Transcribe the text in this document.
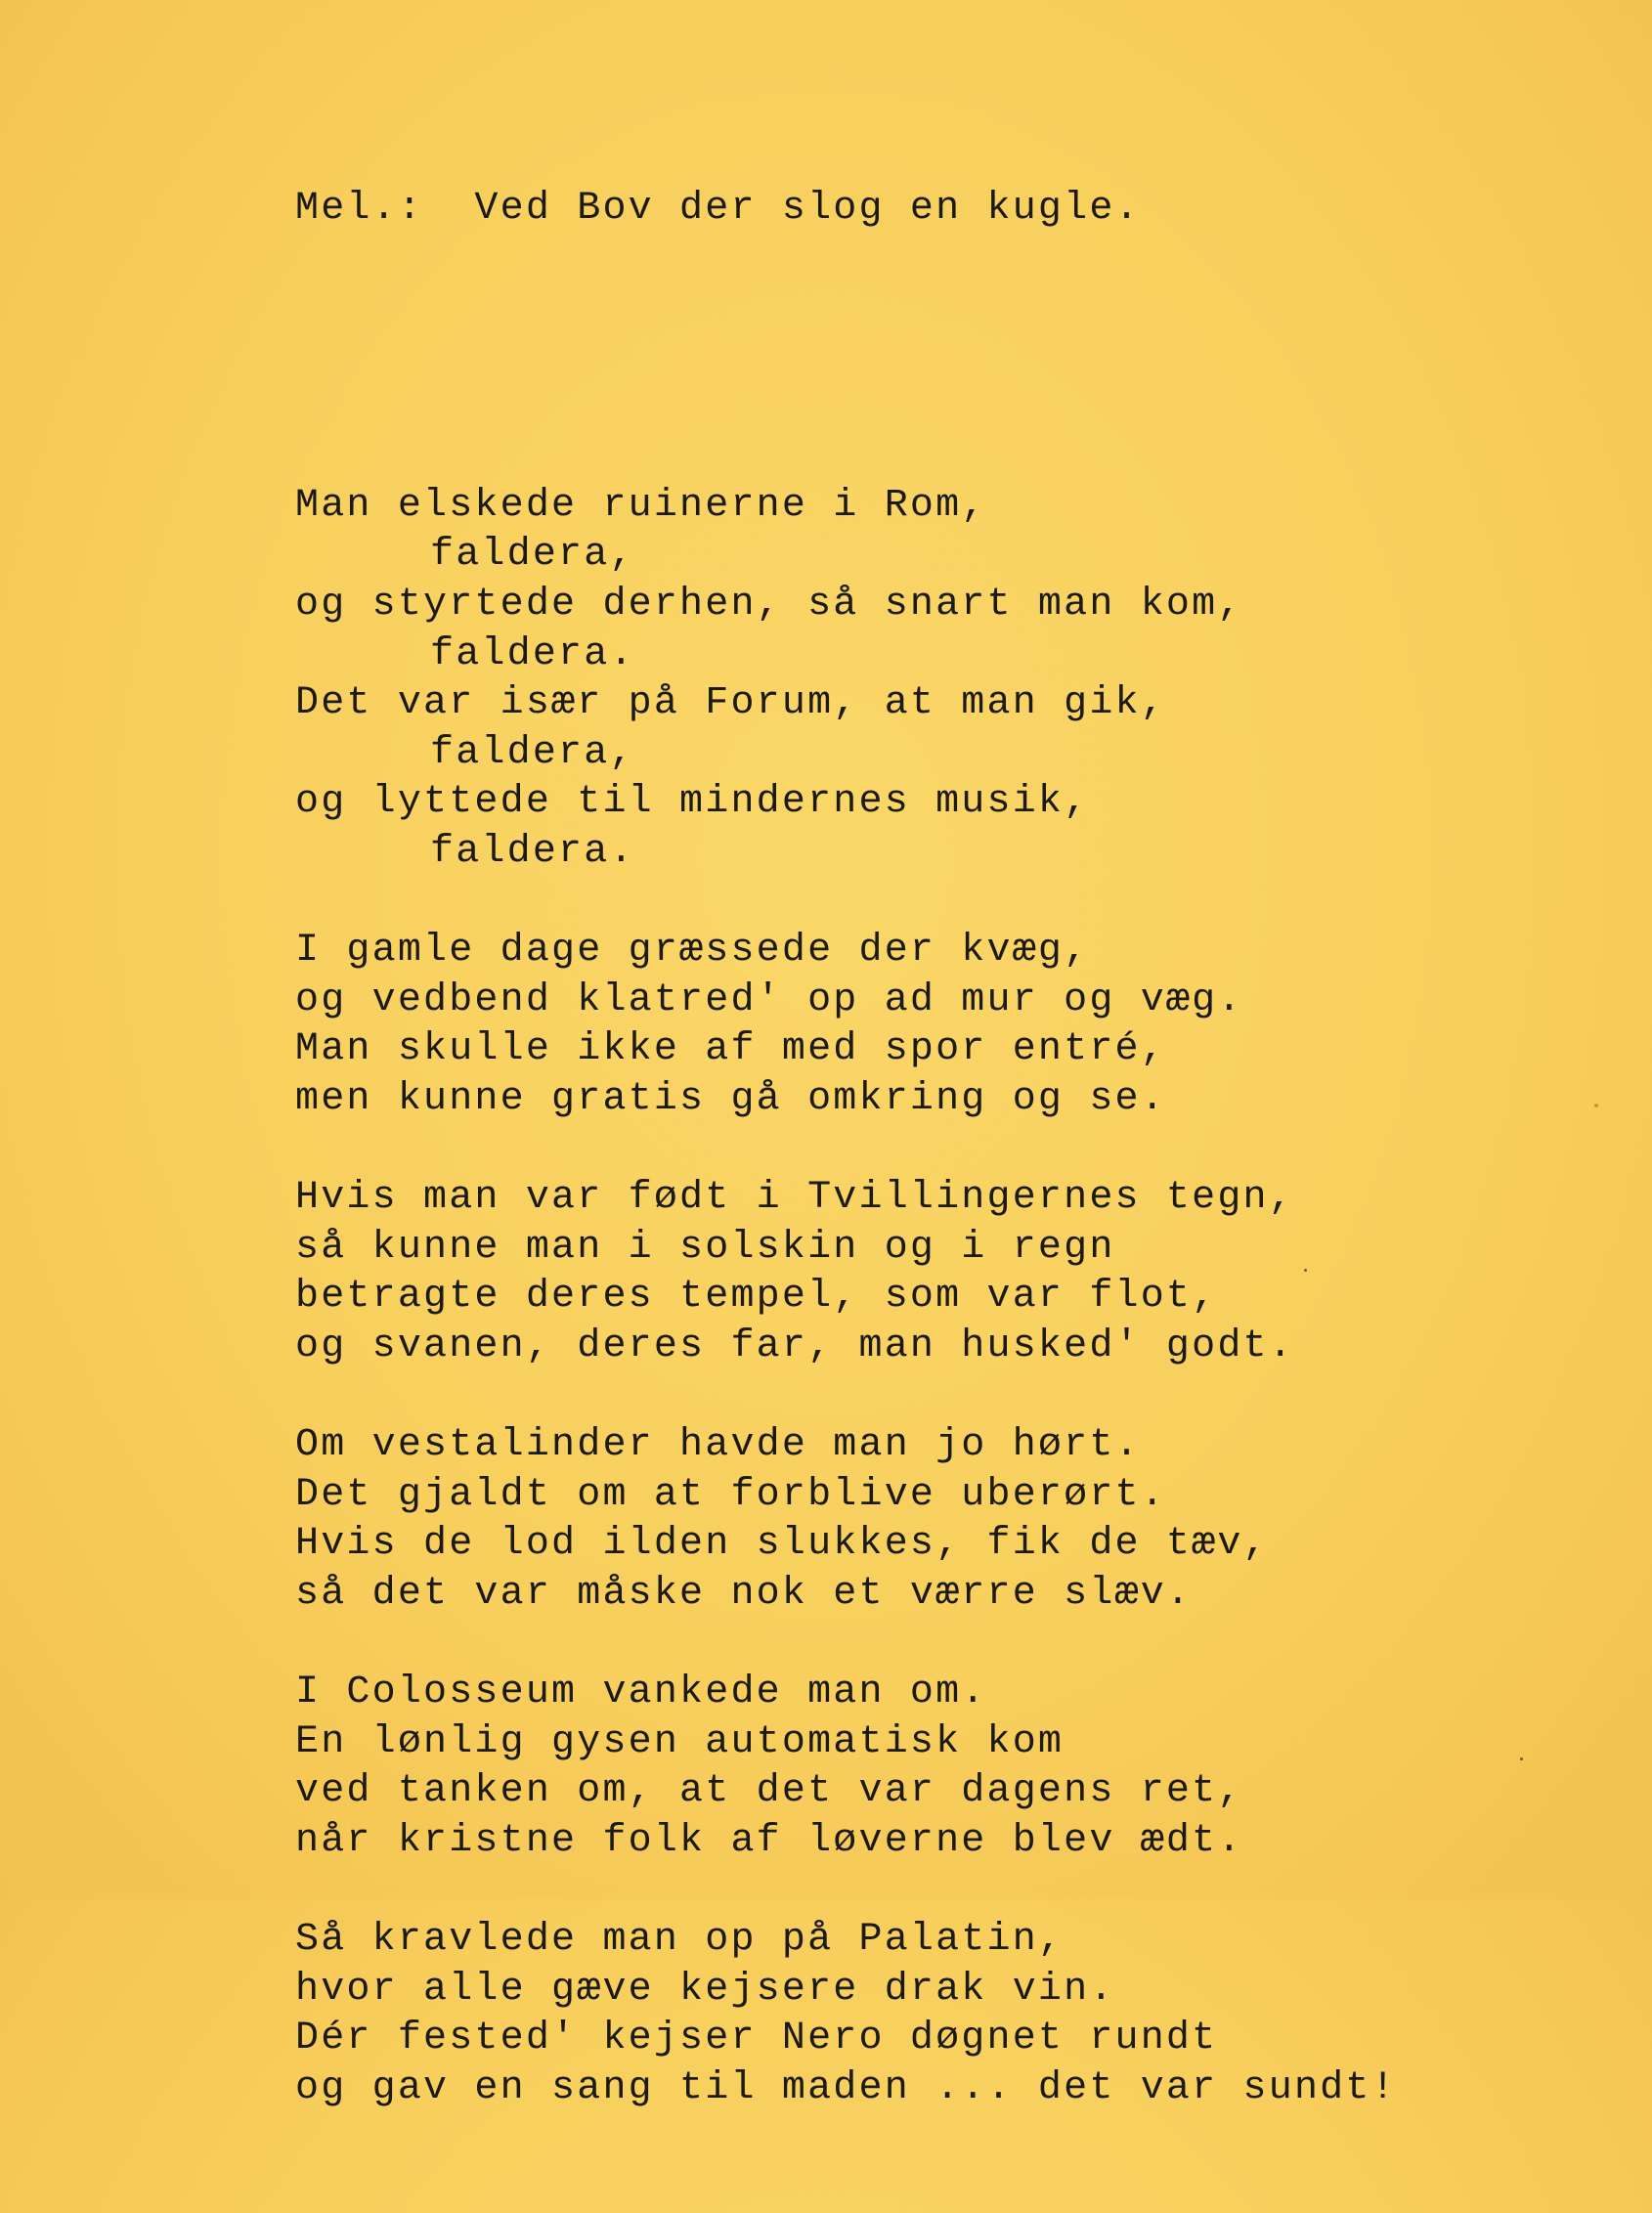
Mel.:  Ved Bov der slog en kugle.

Man elskede ruinerne i Rom,
faldera,
og styrtede derhen, så snart man kom,
faldera.
Det var især på Forum, at man gik,
faldera,
og lyttede til mindernes musik,
faldera.
I gamle dage græssede der kvæg,
og vedbend klatred' op ad mur og væg.
Man skulle ikke af med spor entré,
men kunne gratis gå omkring og se.
Hvis man var født i Tvillingernes tegn,
så kunne man i solskin og i regn
betragte deres tempel, som var flot,
og svanen, deres far, man husked' godt.
Om vestalinder havde man jo hørt.
Det gjaldt om at forblive uberørt.
Hvis de lod ilden slukkes, fik de tæv,
så det var måske nok et værre slæv.
I Colosseum vankede man om.
En lønlig gysen automatisk kom
ved tanken om, at det var dagens ret,
når kristne folk af løverne blev ædt.
Så kravlede man op på Palatin,
hvor alle gæve kejsere drak vin.
Dér fested' kejser Nero døgnet rundt
og gav en sang til maden ... det var sundt!
